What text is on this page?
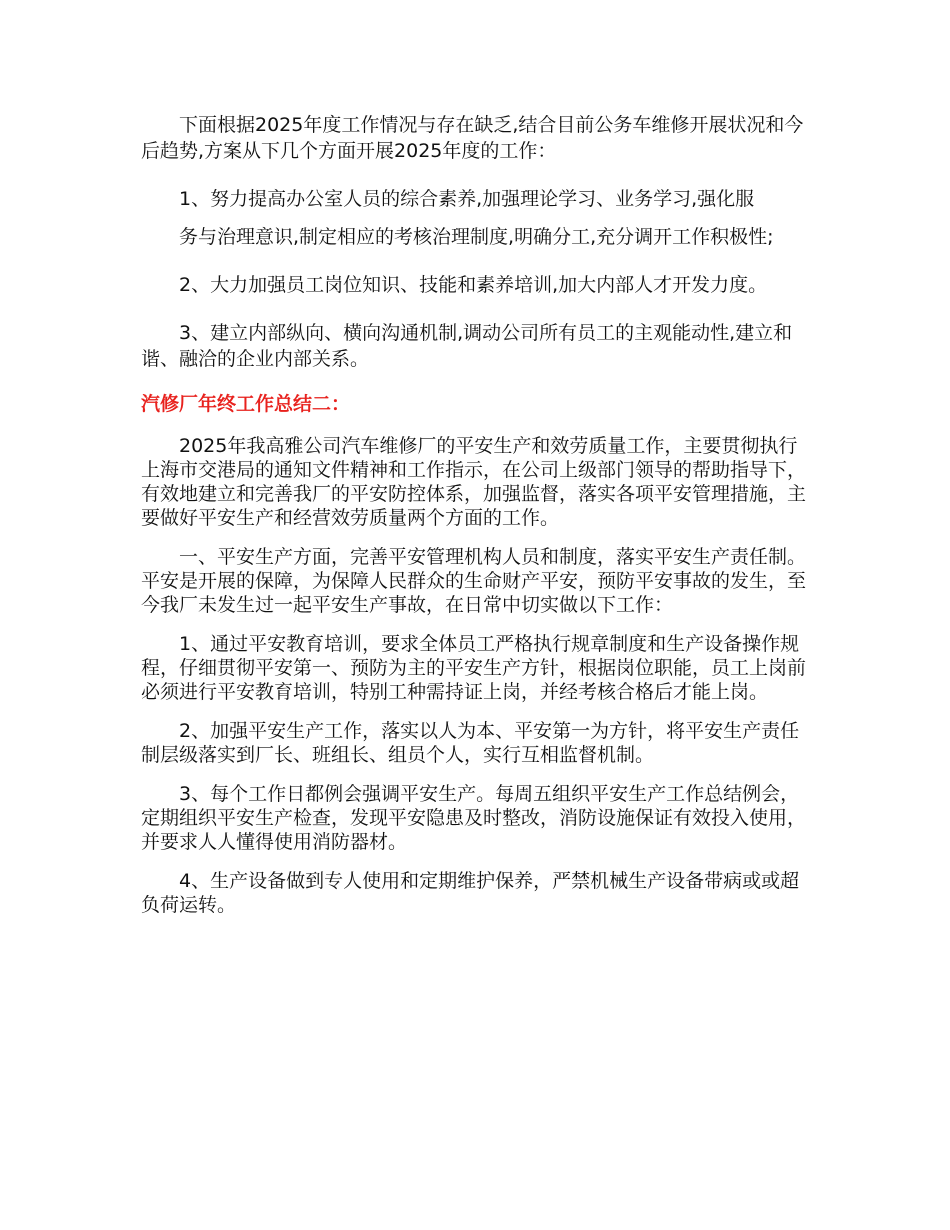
下面根据2025年度工作情况与存在缺乏,结合目前公务车维修开展状况和今后趋势,方案从下几个方面开展2025年度的工作：

1、努力提高办公室人员的综合素养,加强理论学习、业务学习,强化服

务与治理意识,制定相应的考核治理制度,明确分工,充分调开工作积极性;

2、大力加强员工岗位知识、技能和素养培训,加大内部人才开发力度。

3、建立内部纵向、横向沟通机制,调动公司所有员工的主观能动性,建立和谐、融洽的企业内部关系。

汽修厂年终工作总结二：

2025年我高雅公司汽车维修厂的平安生产和效劳质量工作，主要贯彻执行上海市交港局的通知文件精神和工作指示，在公司上级部门领导的帮助指导下，有效地建立和完善我厂的平安防控体系，加强监督，落实各项平安管理措施，主要做好平安生产和经营效劳质量两个方面的工作。

一、平安生产方面，完善平安管理机构人员和制度，落实平安生产责任制。平安是开展的保障，为保障人民群众的生命财产平安，预防平安事故的发生，至今我厂未发生过一起平安生产事故，在日常中切实做以下工作：

1、通过平安教育培训，要求全体员工严格执行规章制度和生产设备操作规程，仔细贯彻平安第一、预防为主的平安生产方针，根据岗位职能，员工上岗前必须进行平安教育培训，特别工种需持证上岗，并经考核合格后才能上岗。

2、加强平安生产工作，落实以人为本、平安第一为方针，将平安生产责任制层级落实到厂长、班组长、组员个人，实行互相监督机制。

3、每个工作日都例会强调平安生产。每周五组织平安生产工作总结例会，定期组织平安生产检查，发现平安隐患及时整改，消防设施保证有效投入使用，并要求人人懂得使用消防器材。

4、生产设备做到专人使用和定期维护保养，严禁机械生产设备带病或或超负荷运转。
